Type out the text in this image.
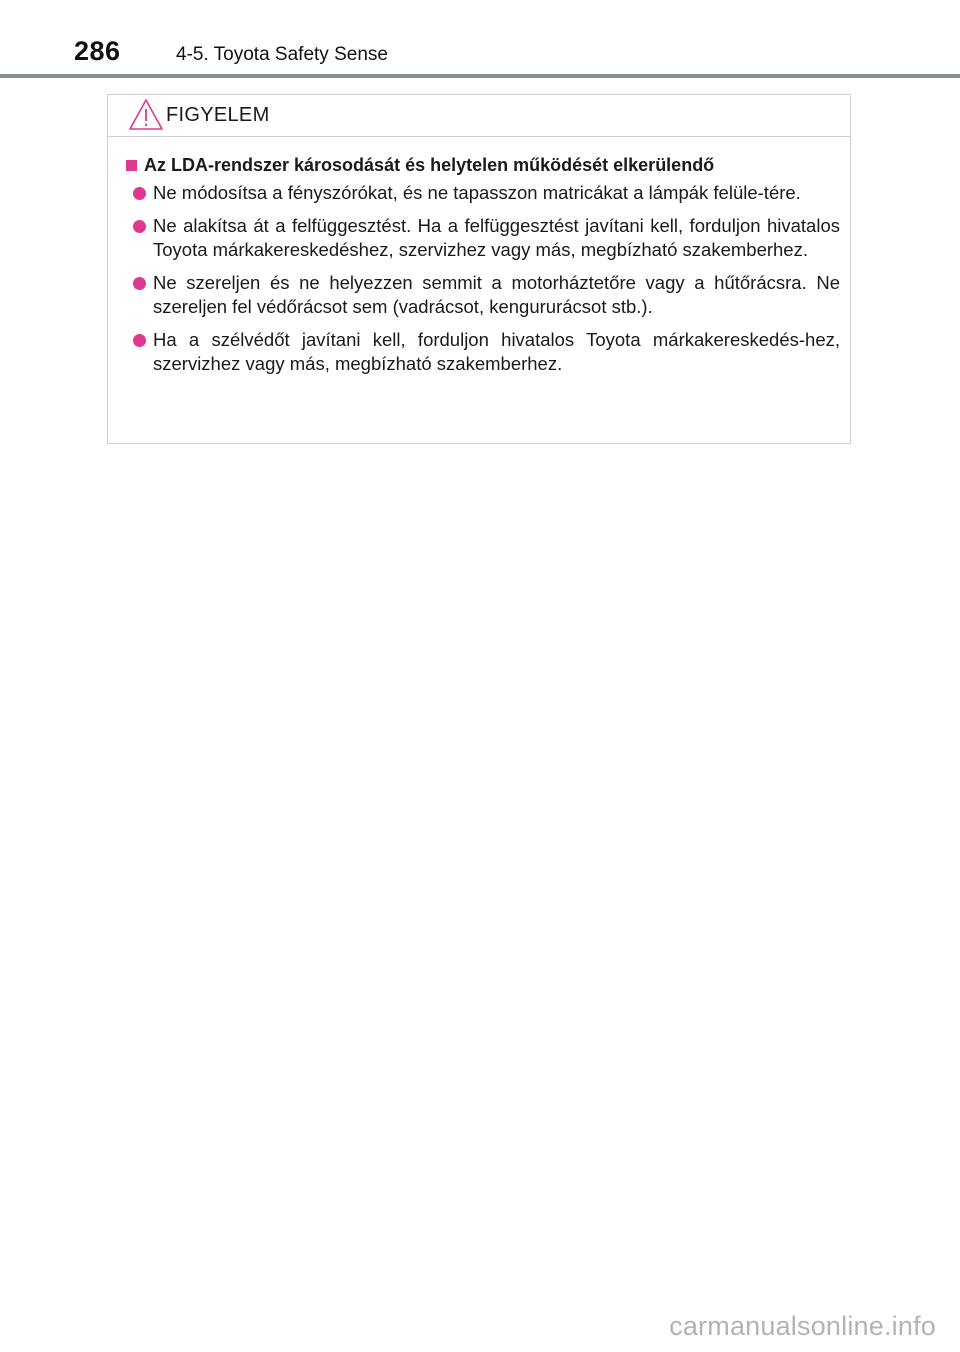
286	4-5. Toyota Safety Sense
FIGYELEM
Az LDA-rendszer károsodását és helytelen működését elkerülendő
Ne módosítsa a fényszórókat, és ne tapasszon matricákat a lámpák felüle-tére.
Ne alakítsa át a felfüggesztést. Ha a felfüggesztést javítani kell, forduljon hivatalos Toyota márkakereskedéshez, szervizhez vagy más, megbízható szakemberhez.
Ne szereljen és ne helyezzen semmit a motorháztetőre vagy a hűtőrácsra. Ne szereljen fel védőrácsot sem (vadrácsot, kengururácsot stb.).
Ha a szélvédőt javítani kell, forduljon hivatalos Toyota márkakereskedés-hez, szervizhez vagy más, megbízható szakemberhez.
carmanualsonline.info
